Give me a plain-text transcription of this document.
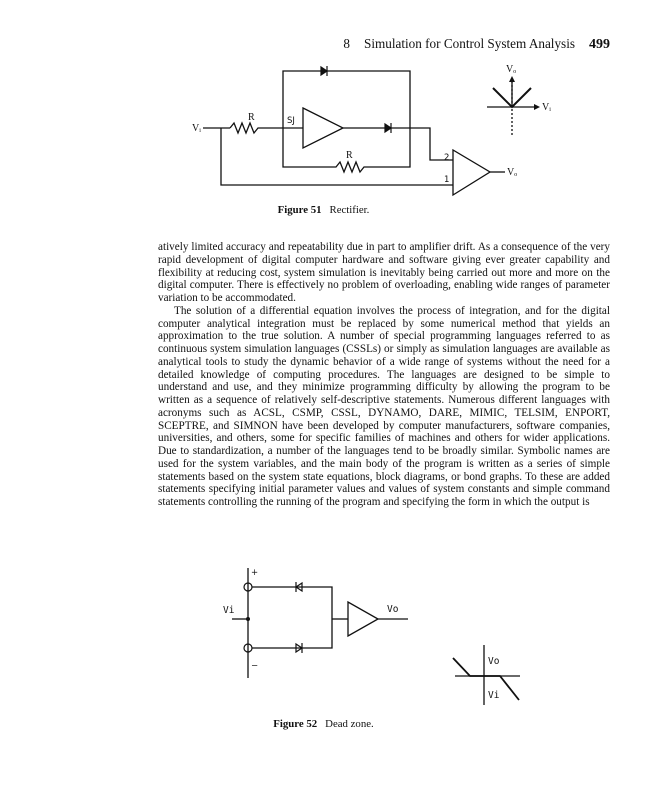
8 Simulation for Control System Analysis 499
Vᵢ
R	SJ
R	2
1
Vₒ
Vₒ
Vᵢ
Figure 51 Rectifier.

atively limited accuracy and repeatability due in part to amplifier drift. As a consequence of the very rapid development of digital computer hardware and software giving ever greater capability and flexibility at reducing cost, system simulation is inevitably being carried out more and more on the digital computer. There is effectively no problem of overloading, enabling wide ranges of parameter variation to be accommodated.

The solution of a differential equation involves the process of integration, and for the digital computer analytical integration must be replaced by some numerical method that yields an approximation to the true solution. A number of special programming languages referred to as continuous system simulation languages (CSSLs) or simply as simulation languages are available as analytical tools to study the dynamic behavior of a wide range of systems without the need for a detailed knowledge of computing procedures. The languages are designed to be simple to understand and use, and they minimize programming difficulty by allowing the program to be written as a sequence of relatively self-descriptive statements. Numerous different languages with acronyms such as ACSL, CSMP, CSSL, DYNAMO, DARE, MIMIC, TELSIM, ENPORT, SCEPTRE, and SIMNON have been developed by computer manufacturers, software companies, universities, and others, some for specific families of machines and others for wider applications. Due to standardization, a number of the languages tend to be broadly similar. Symbolic names are used for the system variables, and the main body of the program is written as a series of simple statements based on the system state equations, block diagrams, or bond graphs. To these are added statements specifying initial parameter values and values of system constants and simple command statements controlling the running of the program and specifying the form in which the output is

+
−
Vi	Vo
Vo
Vi
Figure 52 Dead zone.
